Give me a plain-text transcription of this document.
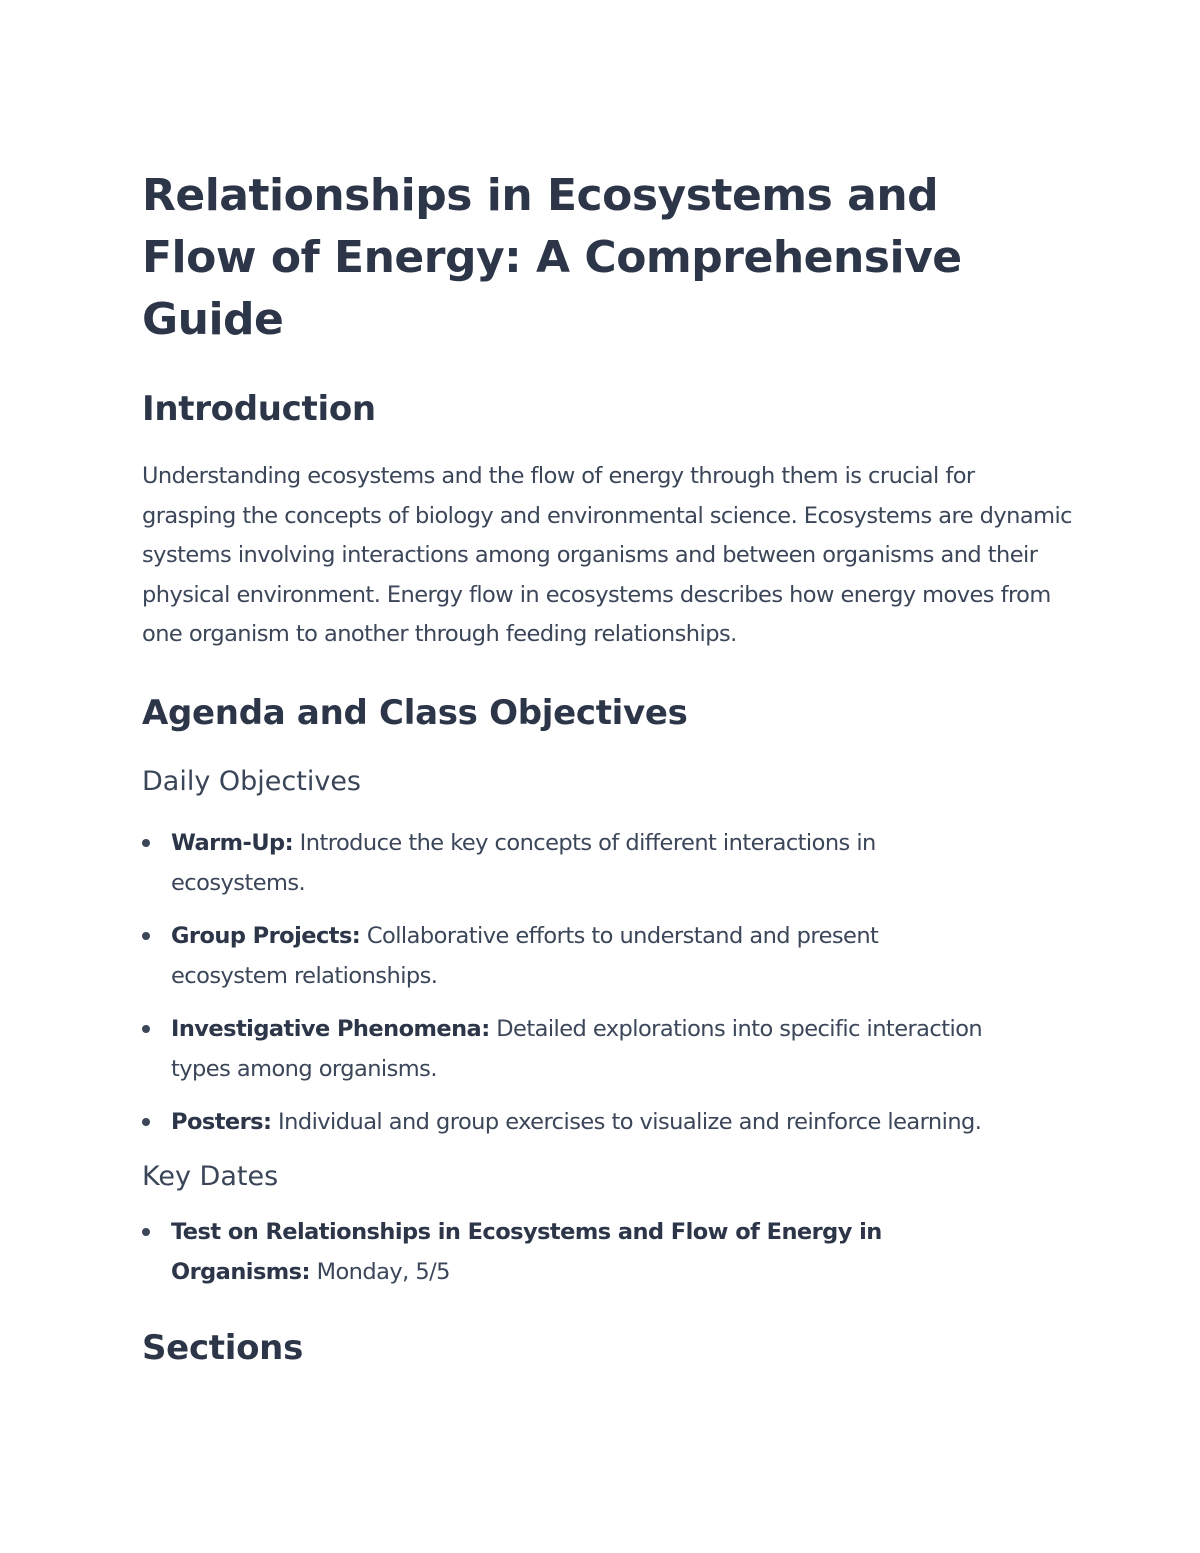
Relationships in Ecosystems and Flow of Energy: A Comprehensive Guide
Introduction

Understanding ecosystems and the flow of energy through them is crucial for grasping the concepts of biology and environmental science. Ecosystems are dynamic systems involving interactions among organisms and between organisms and their physical environment. Energy flow in ecosystems describes how energy moves from one organism to another through feeding relationships.

Agenda and Class Objectives
Daily Objectives
Warm-Up: Introduce the key concepts of different interactions in ecosystems.
Group Projects: Collaborative efforts to understand and present ecosystem relationships.
Investigative Phenomena: Detailed explorations into specific interaction types among organisms.
Posters: Individual and group exercises to visualize and reinforce learning.
Key Dates
Test on Relationships in Ecosystems and Flow of Energy in Organisms: Monday, 5/5
Sections
